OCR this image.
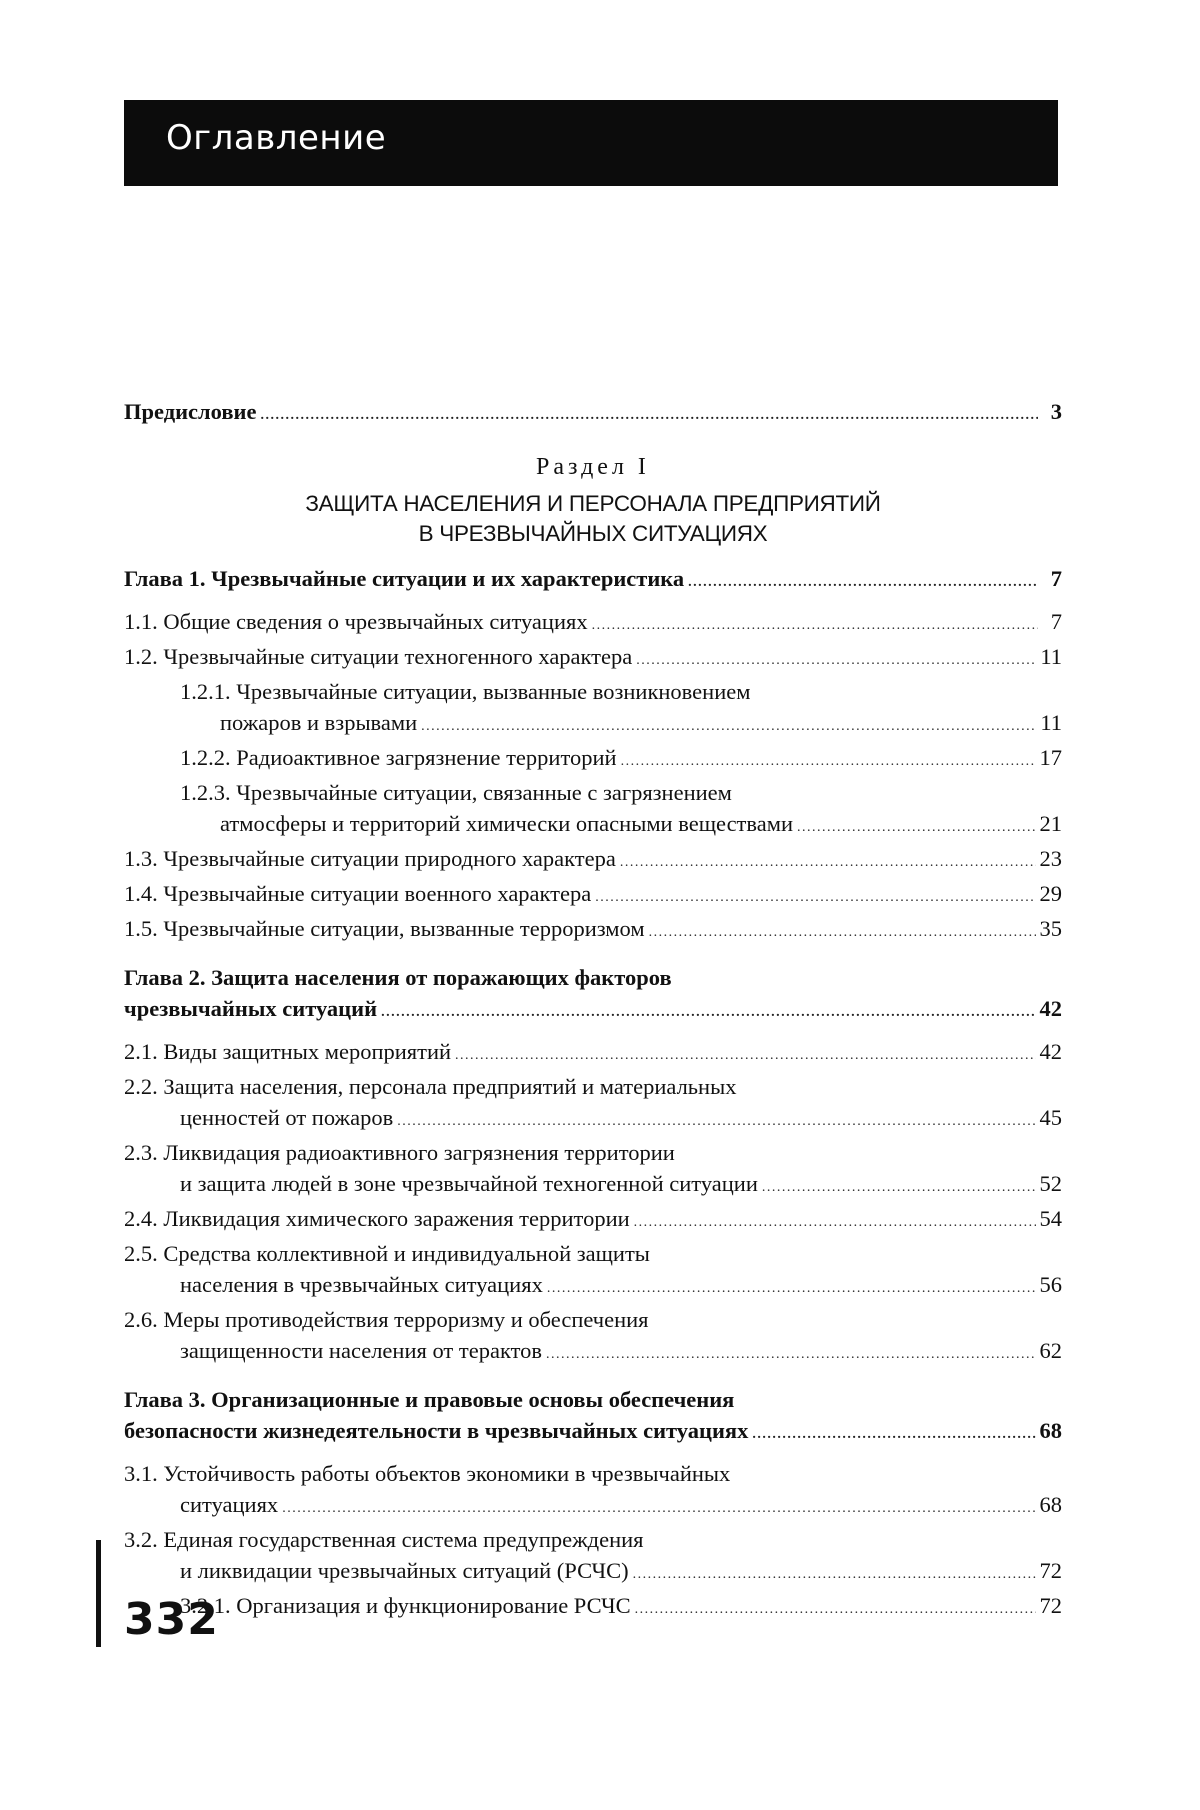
Оглавление
Предисловие .....	3
Раздел I
ЗАЩИТА НАСЕЛЕНИЯ И ПЕРСОНАЛА ПРЕДПРИЯТИЙ
В ЧРЕЗВЫЧАЙНЫХ СИТУАЦИЯХ
Глава 1. Чрезвычайные ситуации и их характеристика .....	7
1.1. Общие сведения о чрезвычайных ситуациях .....	7
1.2. Чрезвычайные ситуации техногенного характера .....	11
1.2.1. Чрезвычайные ситуации, вызванные возникновением
пожаров и взрывами .....	11
1.2.2. Радиоактивное загрязнение территорий .....	17
1.2.3. Чрезвычайные ситуации, связанные с загрязнением
атмосферы и территорий химически опасными веществами .....	21
1.3. Чрезвычайные ситуации природного характера .....	23
1.4. Чрезвычайные ситуации военного характера .....	29
1.5. Чрезвычайные ситуации, вызванные терроризмом .....	35
Глава 2. Защита населения от поражающих факторов
чрезвычайных ситуаций .....	42
2.1. Виды защитных мероприятий .....	42
2.2. Защита населения, персонала предприятий и материальных
ценностей от пожаров .....	45
2.3. Ликвидация радиоактивного загрязнения территории
и защита людей в зоне чрезвычайной техногенной ситуации .....	52
2.4. Ликвидация химического заражения территории .....	54
2.5. Средства коллективной и индивидуальной защиты
населения в чрезвычайных ситуациях .....	56
2.6. Меры противодействия терроризму и обеспечения
защищенности населения от терактов .....	62
Глава 3. Организационные и правовые основы обеспечения
безопасности жизнедеятельности в чрезвычайных ситуациях .....	68
3.1. Устойчивость работы объектов экономики в чрезвычайных
ситуациях .....	68
3.2. Единая государственная система предупреждения
и ликвидации чрезвычайных ситуаций (РСЧС) .....	72
3.2.1. Организация и функционирование РСЧС .....	72
332
